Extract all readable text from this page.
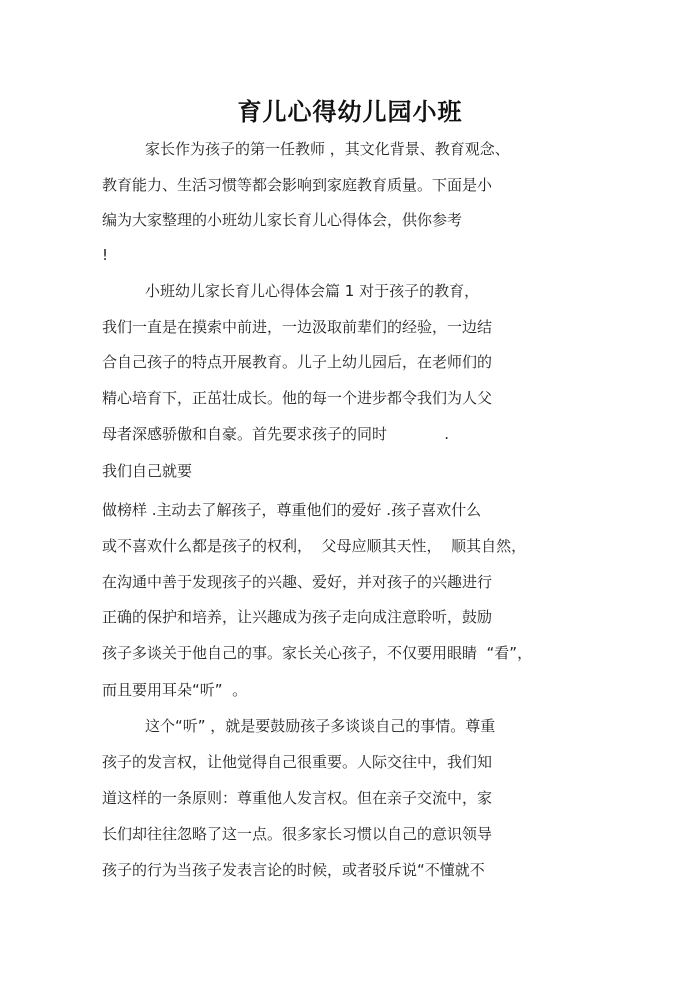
育儿心得幼儿园小班
家长作为孩子的第一任教师 ，其文化背景、教育观念、
教育能力、生活习惯等都会影响到家庭教育质量。下面是小
编为大家整理的小班幼儿家长育儿心得体会，供你参考
!
小班幼儿家长育儿心得体会篇 1 对于孩子的教育，
我们一直是在摸索中前进，一边汲取前辈们的经验，一边结
合自己孩子的特点开展教育。儿子上幼儿园后，在老师们的
精心培育下，正茁壮成长。他的每一个进步都令我们为人父
母者深感骄傲和自豪。首先要求孩子的同时            .
我们自己就要
做榜样 .主动去了解孩子，尊重他们的爱好 .孩子喜欢什么
或不喜欢什么都是孩子的权利，  父母应顺其天性，  顺其自然，
在沟通中善于发现孩子的兴趣、爱好，并对孩子的兴趣进行
正确的保护和培养，让兴趣成为孩子走向成注意聆听，鼓励
孩子多谈关于他自己的事。家长关心孩子，不仅要用眼睛  “看”，
而且要用耳朵“听”  。
这个“听” ，就是要鼓励孩子多谈谈自己的事情。尊重
孩子的发言权，让他觉得自己很重要。人际交往中，我们知
道这样的一条原则：尊重他人发言权。但在亲子交流中，家
长们却往往忽略了这一点。很多家长习惯以自己的意识领导
孩子的行为当孩子发表言论的时候，或者驳斥说“不懂就不
